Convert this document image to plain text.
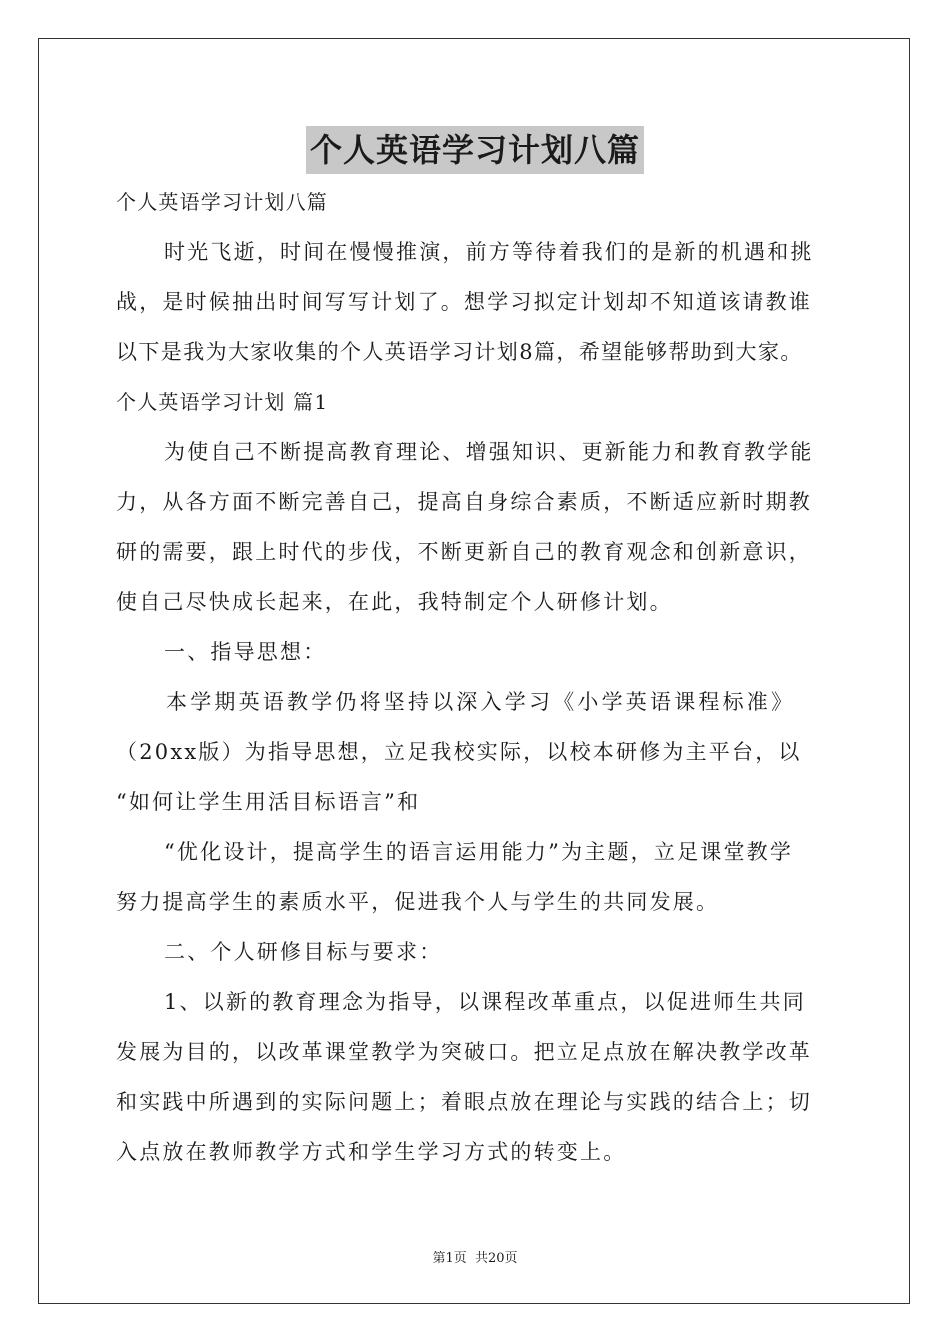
个人英语学习计划八篇
个人英语学习计划八篇
时光飞逝，时间在慢慢推演，前方等待着我们的是新的机遇和挑
战，是时候抽出时间写写计划了。想学习拟定计划却不知道该请教谁
以下是我为大家收集的个人英语学习计划8篇，希望能够帮助到大家。
个人英语学习计划 篇1
为使自己不断提高教育理论、增强知识、更新能力和教育教学能
力，从各方面不断完善自己，提高自身综合素质，不断适应新时期教
研的需要，跟上时代的步伐，不断更新自己的教育观念和创新意识，
使自己尽快成长起来，在此，我特制定个人研修计划。
一、指导思想：
本学期英语教学仍将坚持以深入学习《小学英语课程标准》
（20xx版）为指导思想，立足我校实际，以校本研修为主平台，以
“如何让学生用活目标语言”和
“优化设计，提高学生的语言运用能力”为主题，立足课堂教学
努力提高学生的素质水平，促进我个人与学生的共同发展。
二、个人研修目标与要求：
1、以新的教育理念为指导，以课程改革重点，以促进师生共同
发展为目的，以改革课堂教学为突破口。把立足点放在解决教学改革
和实践中所遇到的实际问题上；着眼点放在理论与实践的结合上；切
入点放在教师教学方式和学生学习方式的转变上。
第1页 共20页
